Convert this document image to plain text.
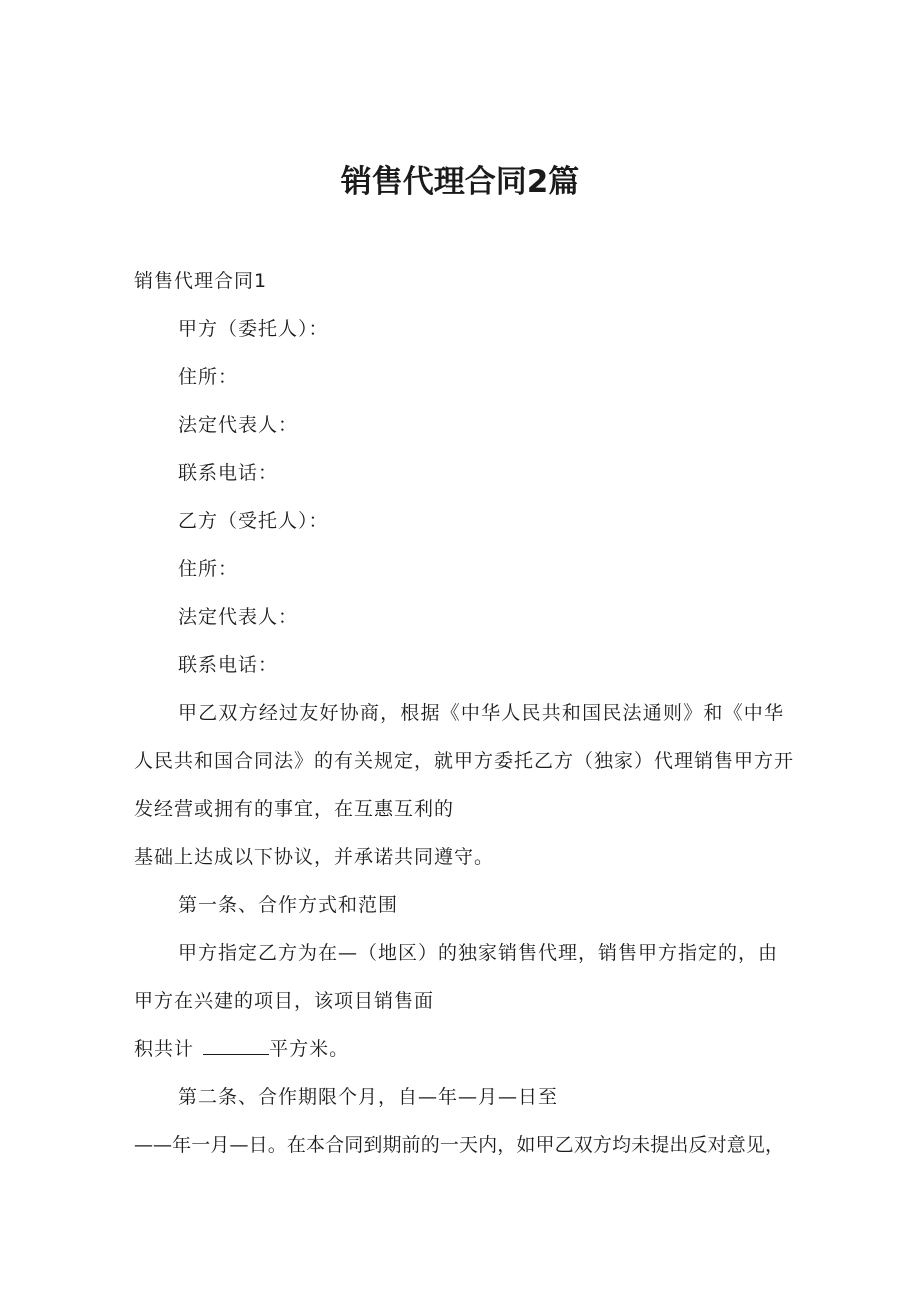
销售代理合同2篇
销售代理合同1
甲方（委托人）：
住所：
法定代表人：
联系电话：
乙方（受托人）：
住所：
法定代表人：
联系电话：
甲乙双方经过友好协商，根据《中华人民共和国民法通则》和《中华
人民共和国合同法》的有关规定，就甲方委托乙方（独家）代理销售甲方开
发经营或拥有的事宜，在互惠互利的
基础上达成以下协议，并承诺共同遵守。
第一条、合作方式和范围
甲方指定乙方为在—（地区）的独家销售代理，销售甲方指定的，由
甲方在兴建的项目，该项目销售面
积共计	平方米。
第二条、合作期限个月，自—年—月—日至
——年一月—日。在本合同到期前的一天内，如甲乙双方均未提出反对意见，
